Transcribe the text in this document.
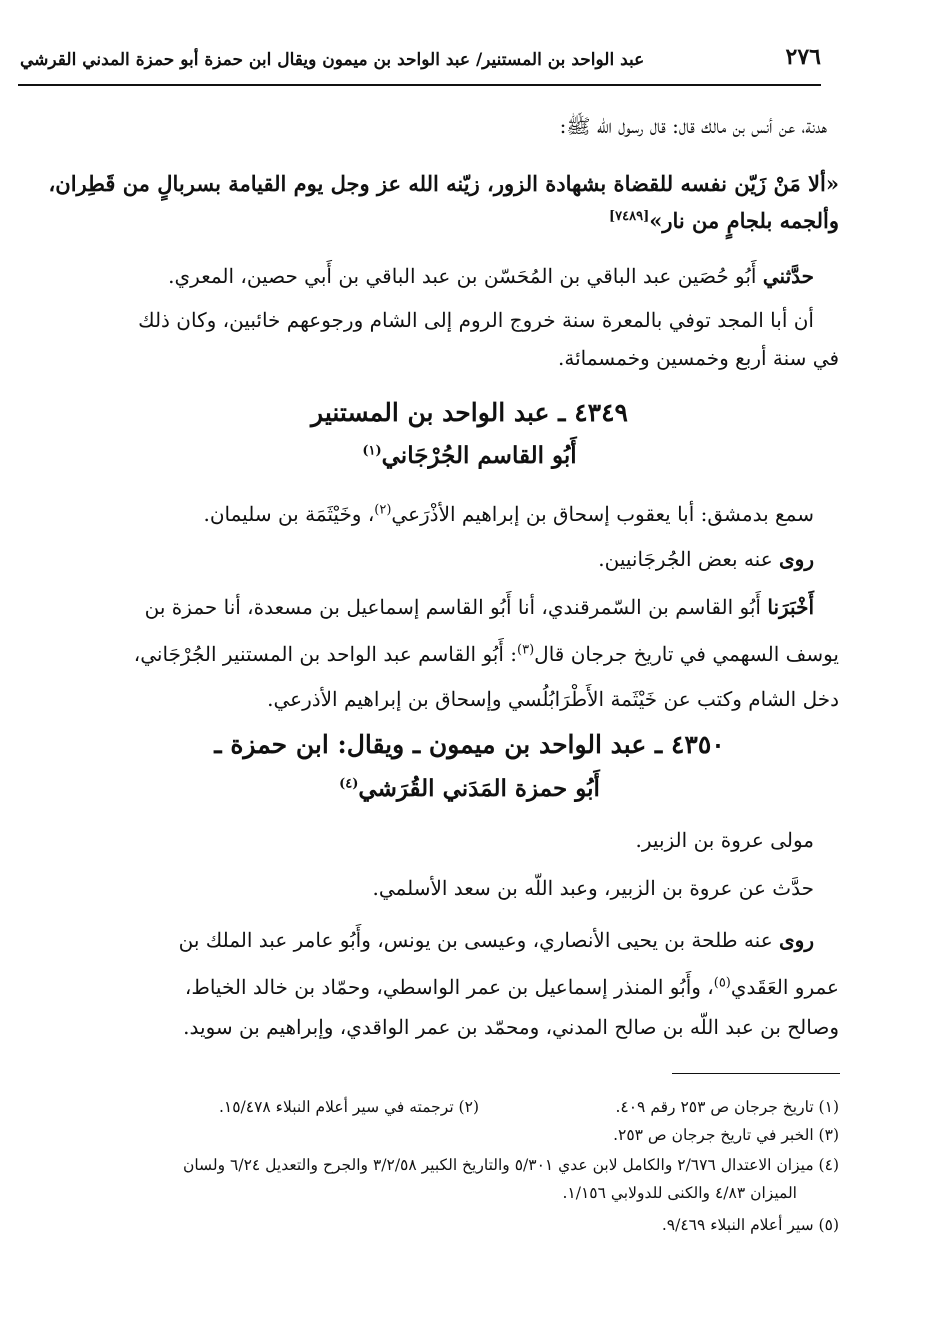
٢٧٦
عبد الواحد بن المستنير/ عبد الواحد بن ميمون ويقال ابن حمزة أبو حمزة المدني القرشي
هدنة، عن أنس بن مالك قال: قال رسول الله ﷺ:
«ألا مَنْ زَيّن نفسه للقضاة بشهادة الزور، زيّنه الله عز وجل يوم القيامة بسربالٍ من قَطِران،
وألجمه بلجامٍ من نار»[٧٤٨٩]
حدَّثني أَبُو حُصَين عبد الباقي بن المُحَسّن بن عبد الباقي بن أَبي حصين، المعري.
أن أبا المجد توفي بالمعرة سنة خروج الروم إلى الشام ورجوعهم خائبين، وكان ذلك
في سنة أربع وخمسين وخمسمائة.
٤٣٤٩ ـ عبد الواحد بن المستنير
أَبُو القاسم الجُرْجَاني$^{(١)}$
سمع بدمشق: أبا يعقوب إسحاق بن إبراهيم الأذْرَعي$^{(٢)}$، وخَيْثَمَة بن سليمان.
روى عنه بعض الجُرجَانيين.
أَخْبَرَنا أَبُو القاسم بن السّمرقندي، أنا أَبُو القاسم إسماعيل بن مسعدة، أنا حمزة بن
يوسف السهمي في تاريخ جرجان قال$^{(٣)}$: أَبُو القاسم عبد الواحد بن المستنير الجُرْجَاني،
دخل الشام وكتب عن خَيْثَمة الأَطْرَابُلُسي وإسحاق بن إبراهيم الأذرعي.
٤٣٥٠ ـ عبد الواحد بن ميمون ـ ويقال: ابن حمزة ـ
أَبُو حمزة المَدَني القُرَشي$^{(٤)}$
مولى عروة بن الزبير.
حدَّث عن عروة بن الزبير، وعبد اللّه بن سعد الأسلمي.
روى عنه طلحة بن يحيى الأنصاري، وعيسى بن يونس، وأَبُو عامر عبد الملك بن
عمرو العَقَدي$^{(٥)}$، وأَبُو المنذر إسماعيل بن عمر الواسطي، وحمّاد بن خالد الخياط،
وصالح بن عبد اللّه بن صالح المدني، ومحمّد بن عمر الواقدي، وإبراهيم بن سويد.
(١) تاريخ جرجان ص ٢٥٣ رقم ٤٠٩.
(٢) ترجمته في سير أعلام النبلاء ١٥/٤٧٨.
(٣) الخبر في تاريخ جرجان ص ٢٥٣.
(٤) ميزان الاعتدال ٢/٦٧٦ والكامل لابن عدي ٥/٣٠١ والتاريخ الكبير ٣/٢/٥٨ والجرح والتعديل ٦/٢٤ ولسان
الميزان ٤/٨٣ والكنى للدولابي ١/١٥٦.
(٥) سير أعلام النبلاء ٩/٤٦٩.
